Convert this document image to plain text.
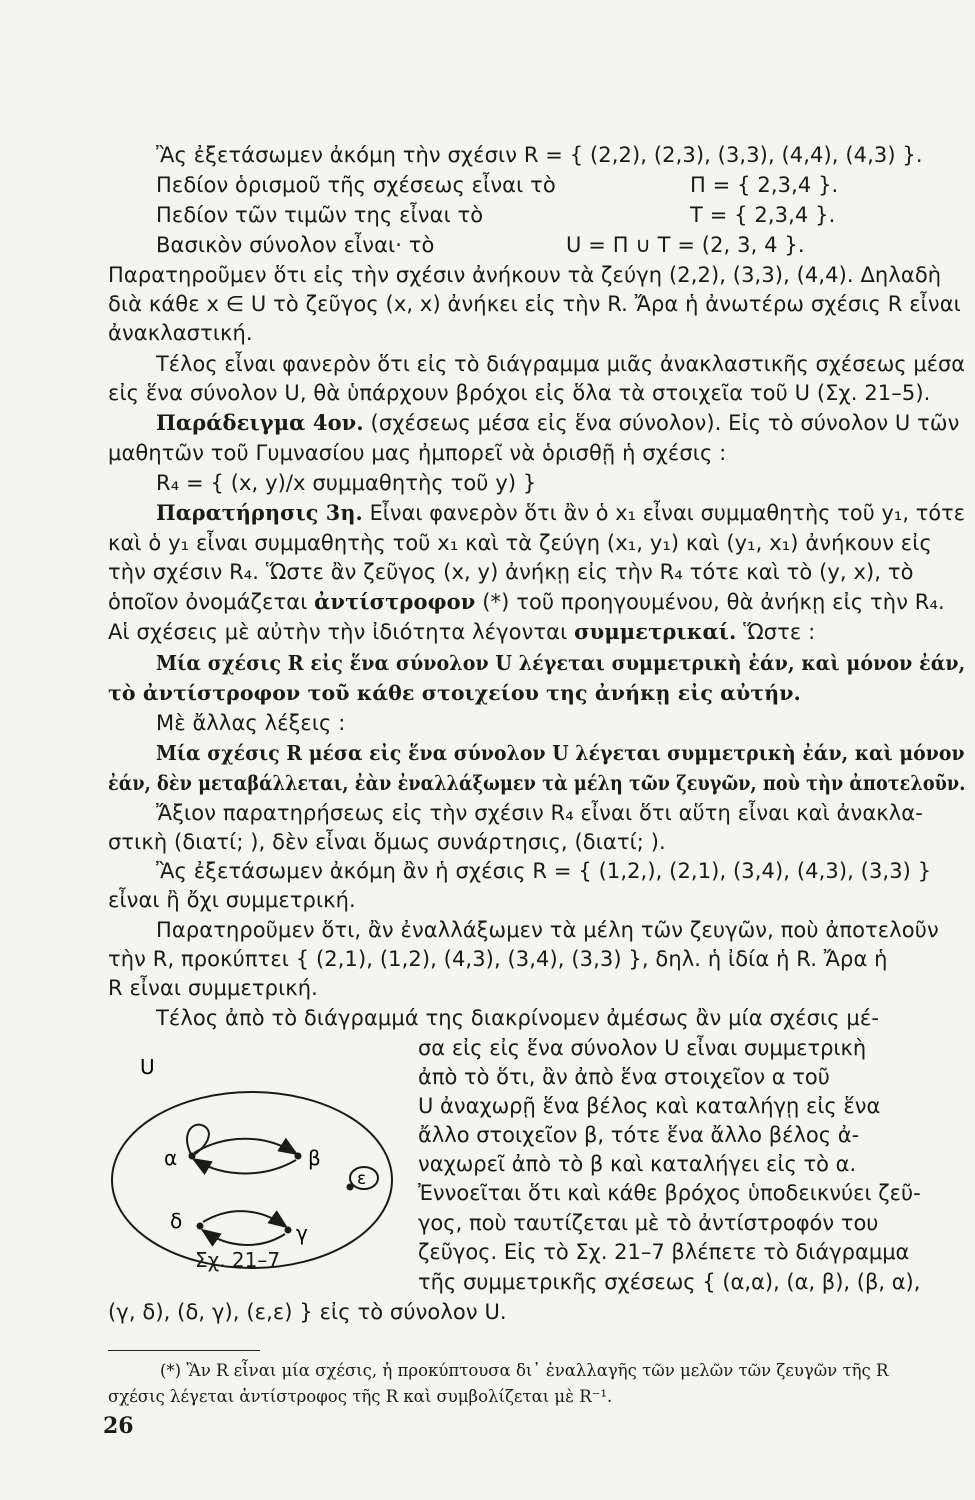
Ἂς ἐξετάσωμεν ἀκόμη τὴν σχέσιν R = { (2,2), (2,3), (3,3), (4,4), (4,3) }.
Πεδίον ὁρισμοῦ τῆς σχέσεως εἶναι τὸ	Π = { 2,3,4 }.
Πεδίον τῶν τιμῶν της εἶναι τὸ	T = { 2,3,4 }.
Βασικὸν σύνολον εἶναι· τὸ	U = Π ∪ T = (2, 3, 4 }.
Παρατηροῦμεν ὅτι εἰς τὴν σχέσιν ἀνήκουν τὰ ζεύγη (2,2), (3,3), (4,4). Δηλαδὴ
διὰ κάθε x ∈ U τὸ ζεῦγος (x, x) ἀνήκει εἰς τὴν R. Ἄρα ἡ ἀνωτέρω σχέσις R εἶναι
ἀνακλαστική.
Τέλος εἶναι φανερὸν ὅτι εἰς τὸ διάγραμμα μιᾶς ἀνακλαστικῆς σχέσεως μέσα
εἰς ἕνα σύνολον U, θὰ ὑπάρχουν βρόχοι εἰς ὅλα τὰ στοιχεῖα τοῦ U (Σχ. 21–5).
Παράδειγμα 4ον. (σχέσεως μέσα εἰς ἕνα σύνολον). Εἰς τὸ σύνολον U τῶν
μαθητῶν τοῦ Γυμνασίου μας ἠμπορεῖ νὰ ὁρισθῇ ἡ σχέσις :
R₄ = { (x, y)/x συμμαθητὴς τοῦ y) }
Παρατήρησις 3η. Εἶναι φανερὸν ὅτι ἂν ὁ x₁ εἶναι συμμαθητὴς τοῦ y₁, τότε
καὶ ὁ y₁ εἶναι συμμαθητὴς τοῦ x₁ καὶ τὰ ζεύγη (x₁, y₁) καὶ (y₁, x₁) ἀνήκουν εἰς
τὴν σχέσιν R₄. Ὥστε ἂν ζεῦγος (x, y) ἀνήκῃ εἰς τὴν R₄ τότε καὶ τὸ (y, x), τὸ
ὁποῖον ὀνομάζεται ἀντίστροφον (*) τοῦ προηγουμένου, θὰ ἀνήκῃ εἰς τὴν R₄.
Αἱ σχέσεις μὲ αὐτὴν τὴν ἰδιότητα λέγονται συμμετρικαί. Ὥστε :
Μία σχέσις R εἰς ἕνα σύνολον U λέγεται συμμετρικὴ ἐάν, καὶ μόνον ἐάν,
τὸ ἀντίστροφον τοῦ κάθε στοιχείου της ἀνήκῃ εἰς αὐτήν.
Μὲ ἄλλας λέξεις :
Μία σχέσις R μέσα εἰς ἕνα σύνολον U λέγεται συμμετρικὴ ἐάν, καὶ μόνον
ἐάν, δὲν μεταβάλλεται, ἐὰν ἐναλλάξωμεν τὰ μέλη τῶν ζευγῶν, ποὺ τὴν ἀποτελοῦν.
Ἄξιον παρατηρήσεως εἰς τὴν σχέσιν R₄ εἶναι ὅτι αὕτη εἶναι καὶ ἀνακλα-
στικὴ (διατί; ), δὲν εἶναι ὅμως συνάρτησις, (διατί; ).
Ἂς ἐξετάσωμεν ἀκόμη ἂν ἡ σχέσις R = { (1,2,), (2,1), (3,4), (4,3), (3,3) }
εἶναι ἢ ὄχι συμμετρική.
Παρατηροῦμεν ὅτι, ἂν ἐναλλάξωμεν τὰ μέλη τῶν ζευγῶν, ποὺ ἀποτελοῦν
τὴν R, προκύπτει { (2,1), (1,2), (4,3), (3,4), (3,3) }, δηλ. ἡ ἰδία ἡ R. Ἄρα ἡ
R εἶναι συμμετρική.
Τέλος ἀπὸ τὸ διάγραμμά της διακρίνομεν ἀμέσως ἂν μία σχέσις μέ-
σα εἰς εἰς ἕνα σύνολον U εἶναι συμμετρικὴ
ἀπὸ τὸ ὅτι, ἂν ἀπὸ ἕνα στοιχεῖον α τοῦ
U ἀναχωρῇ ἕνα βέλος καὶ καταλήγῃ εἰς ἕνα
ἄλλο στοιχεῖον β, τότε ἕνα ἄλλο βέλος ἀ-
ναχωρεῖ ἀπὸ τὸ β καὶ καταλήγει εἰς τὸ α.
Ἐννοεῖται ὅτι καὶ κάθε βρόχος ὑποδεικνύει ζεῦ-
γος, ποὺ ταυτίζεται μὲ τὸ ἀντίστροφόν του
ζεῦγος. Εἰς τὸ Σχ. 21–7 βλέπετε τὸ διάγραμμα
τῆς συμμετρικῆς σχέσεως { (α,α), (α, β), (β, α),
(γ, δ), (δ, γ), (ε,ε) } εἰς τὸ σύνολον U.
U
α	β
ε
δ	γ
Σχ. 21–7
(*) Ἂν R εἶναι μία σχέσις, ἡ προκύπτουσα δι᾽ ἐναλλαγῆς τῶν μελῶν τῶν ζευγῶν τῆς R
σχέσις λέγεται ἀντίστροφος τῆς R καὶ συμβολίζεται μὲ R⁻¹.
26
